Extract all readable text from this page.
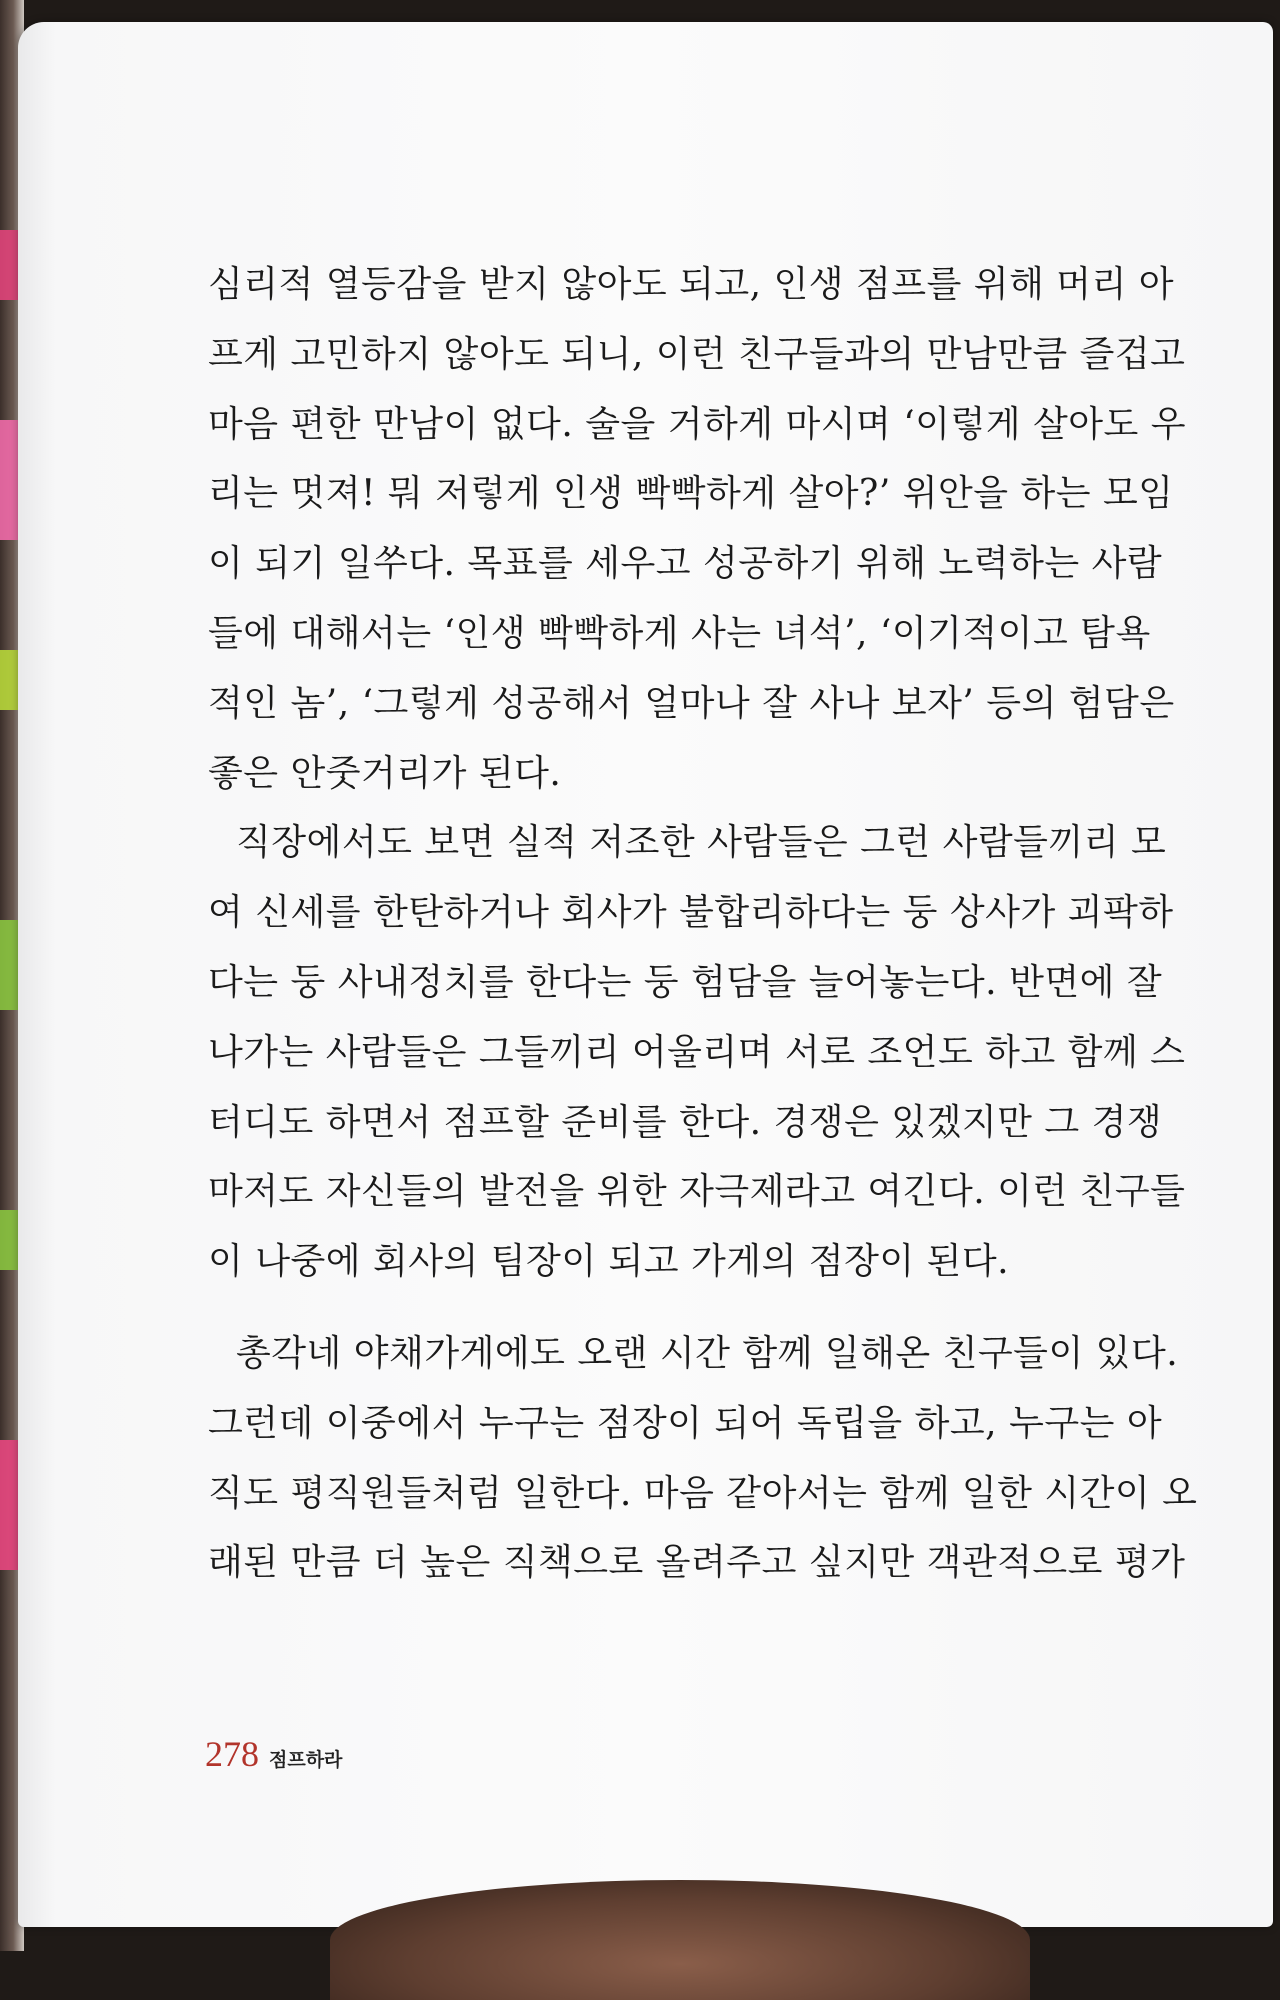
심리적 열등감을 받지 않아도 되고, 인생 점프를 위해 머리 아
프게 고민하지 않아도 되니, 이런 친구들과의 만남만큼 즐겁고
마음 편한 만남이 없다. 술을 거하게 마시며 ‘이렇게 살아도 우
리는 멋져! 뭐 저렇게 인생 빡빡하게 살아?’ 위안을 하는 모임
이 되기 일쑤다. 목표를 세우고 성공하기 위해 노력하는 사람
들에 대해서는 ‘인생 빡빡하게 사는 녀석’, ‘이기적이고 탐욕
적인 놈’, ‘그렇게 성공해서 얼마나 잘 사나 보자’ 등의 험담은
좋은 안줏거리가 된다.
직장에서도 보면 실적 저조한 사람들은 그런 사람들끼리 모
여 신세를 한탄하거나 회사가 불합리하다는 둥 상사가 괴팍하
다는 둥 사내정치를 한다는 둥 험담을 늘어놓는다. 반면에 잘
나가는 사람들은 그들끼리 어울리며 서로 조언도 하고 함께 스
터디도 하면서 점프할 준비를 한다. 경쟁은 있겠지만 그 경쟁
마저도 자신들의 발전을 위한 자극제라고 여긴다. 이런 친구들
이 나중에 회사의 팀장이 되고 가게의 점장이 된다.
총각네 야채가게에도 오랜 시간 함께 일해온 친구들이 있다.
그런데 이중에서 누구는 점장이 되어 독립을 하고, 누구는 아
직도 평직원들처럼 일한다. 마음 같아서는 함께 일한 시간이 오
래된 만큼 더 높은 직책으로 올려주고 싶지만 객관적으로 평가
278 점프하라
